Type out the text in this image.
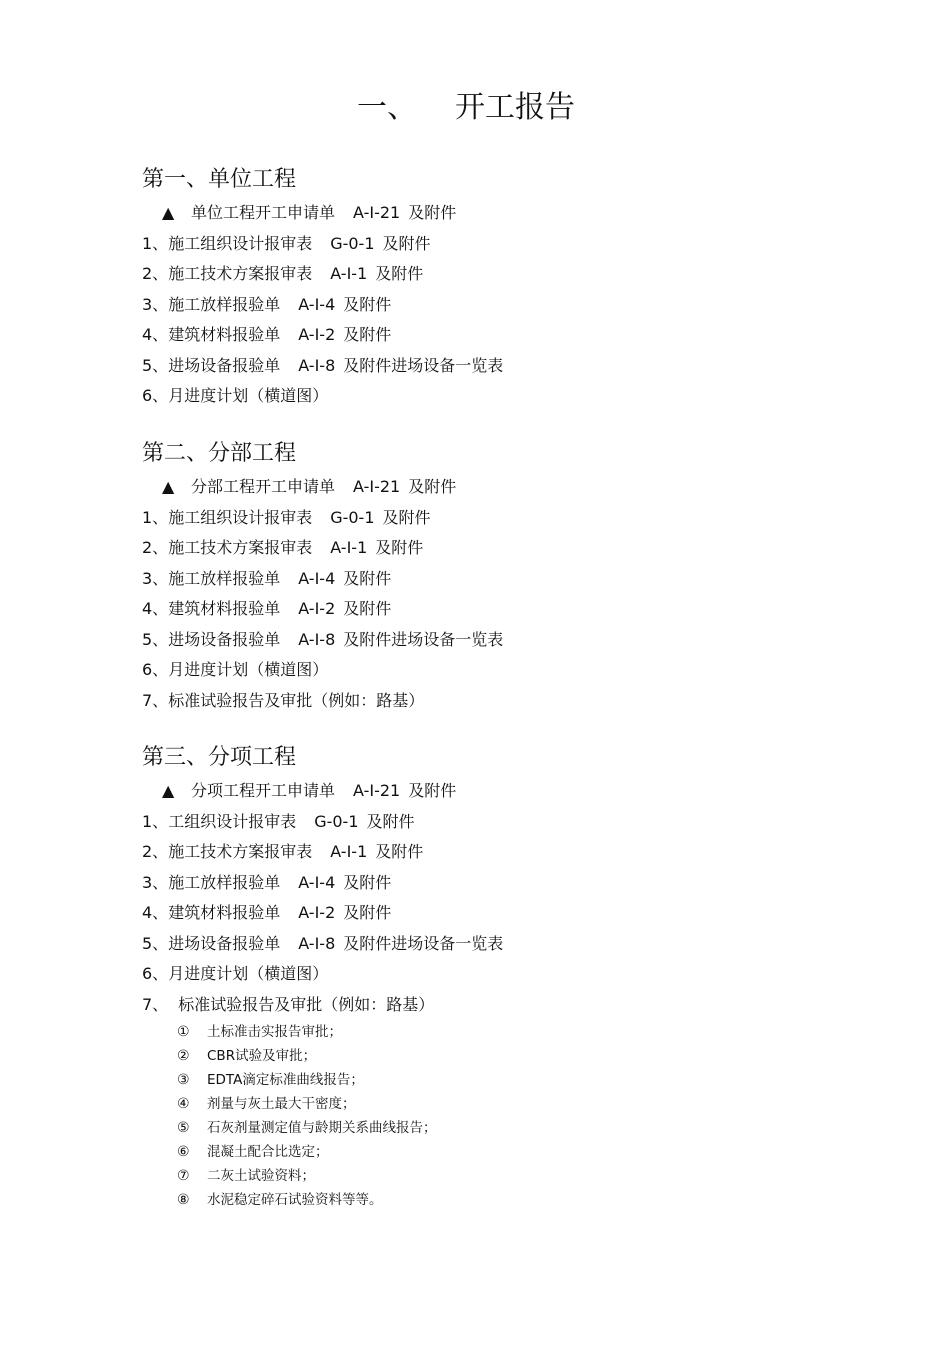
一、 开工报告
第一、单位工程
▲ 单位工程开工申请单 A-Ⅰ-21 及附件
1、施工组织设计报审表 G-0-1 及附件
2、施工技术方案报审表 A-Ⅰ-1 及附件
3、施工放样报验单 A-Ⅰ-4 及附件
4、建筑材料报验单 A-Ⅰ-2 及附件
5、进场设备报验单 A-Ⅰ-8 及附件进场设备一览表
6、月进度计划（横道图）
第二、分部工程
▲ 分部工程开工申请单 A-Ⅰ-21 及附件
1、施工组织设计报审表 G-0-1 及附件
2、施工技术方案报审表 A-Ⅰ-1 及附件
3、施工放样报验单 A-Ⅰ-4 及附件
4、建筑材料报验单 A-Ⅰ-2 及附件
5、进场设备报验单 A-Ⅰ-8 及附件进场设备一览表
6、月进度计划（横道图）
7、标准试验报告及审批（例如：路基）
第三、分项工程
▲ 分项工程开工申请单 A-Ⅰ-21 及附件
1、工组织设计报审表 G-0-1 及附件
2、施工技术方案报审表 A-Ⅰ-1 及附件
3、施工放样报验单 A-Ⅰ-4 及附件
4、建筑材料报验单 A-Ⅰ-2 及附件
5、进场设备报验单 A-Ⅰ-8 及附件进场设备一览表
6、月进度计划（横道图）
7、 标准试验报告及审批（例如：路基）
① 土标准击实报告审批；
② CBR试验及审批；
③ EDTA滴定标准曲线报告；
④ 剂量与灰土最大干密度；
⑤ 石灰剂量测定值与龄期关系曲线报告；
⑥ 混凝土配合比选定；
⑦ 二灰土试验资料；
⑧ 水泥稳定碎石试验资料等等。
